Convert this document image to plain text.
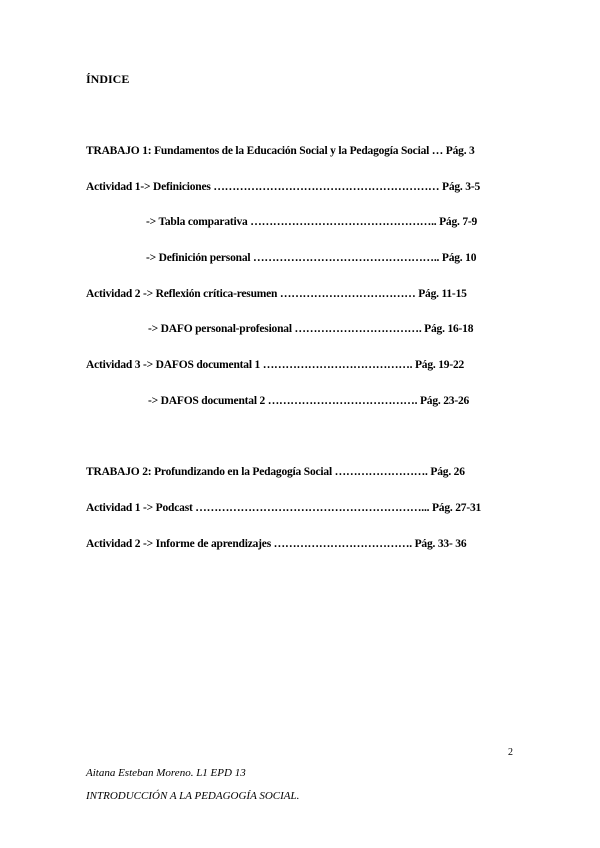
ÍNDICE
TRABAJO 1: Fundamentos de la Educación Social y la Pedagogía Social … Pág. 3
Actividad 1-> Definiciones …………………………………………………… Pág. 3-5
-> Tabla comparativa ………………………………………….. Pág. 7-9
-> Definición personal ………………………………………….. Pág. 10
Actividad 2 -> Reflexión crítica-resumen ……………………………… Pág. 11-15
-> DAFO personal-profesional ……………………………. Pág. 16-18
Actividad 3 -> DAFOS documental 1 …………………………………. Pág. 19-22
-> DAFOS documental 2 …………………………………. Pág. 23-26
TRABAJO 2: Profundizando en la Pedagogía Social ……………………. Pág. 26
Actividad 1 -> Podcast ……………………………………………………... Pág. 27-31
Actividad 2 -> Informe de aprendizajes ………………………………. Pág. 33- 36
2
Aitana Esteban Moreno. L1 EPD 13
INTRODUCCIÓN A LA PEDAGOGÍA SOCIAL.
